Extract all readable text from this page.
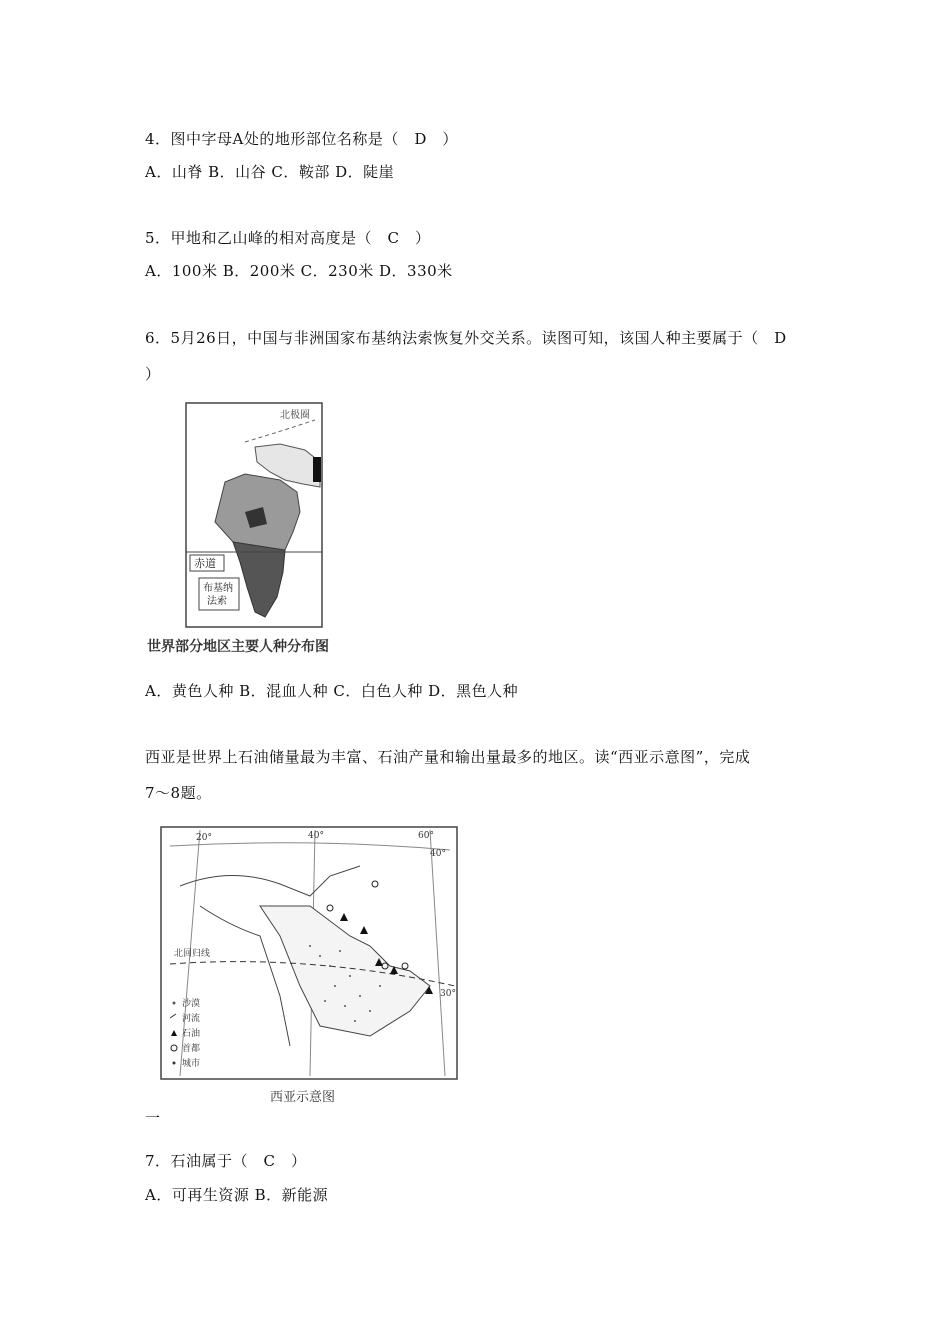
4．图中字母A处的地形部位名称是（　D　）
A．山脊 B．山谷 C．鞍部 D．陡崖
5．甲地和乙山峰的相对高度是（　C　）
A．100米 B．200米 C．230米 D．330米
6．5月26日，中国与非洲国家布基纳法索恢复外交关系。读图可知，该国人种主要属于（　D
）
北极圈
赤道
布基纳
法索
世界部分地区主要人种分布图
A．黄色人种 B．混血人种 C．白色人种 D．黑色人种
西亚是世界上石油储量最为丰富、石油产量和输出量最多的地区。读“西亚示意图”，完成
7～8题。
20°	40°	60°
40°
30°
北回归线
沙漠
河流
石油
首都
城市
西亚示意图
一
7．石油属于（　C　）
A．可再生资源 B．新能源
